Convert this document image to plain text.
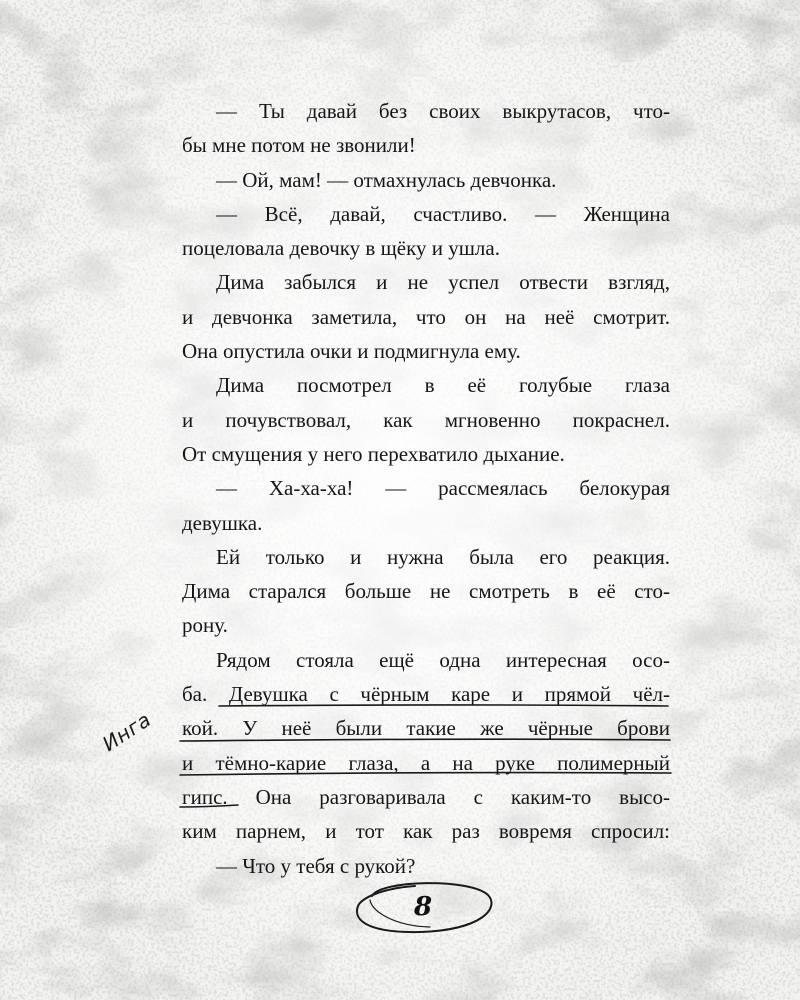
— Ты давай без своих выкрутасов, что-
бы мне потом не звонили!
— Ой, мам! — отмахнулась девчонка.
— Всё, давай, счастливо. — Женщина
поцеловала девочку в щёку и ушла.
Дима забылся и не успел отвести взгляд,
и девчонка заметила, что он на неё смотрит.
Она опустила очки и подмигнула ему.
Дима посмотрел в её голубые глаза
и почувствовал, как мгновенно покраснел.
От смущения у него перехватило дыхание.
— Ха-ха-ха! — рассмеялась белокурая
девушка.
Ей только и нужна была его реакция.
Дима старался больше не смотреть в её сто-
рону.
Рядом стояла ещё одна интересная осо-
ба. Девушка с чёрным каре и прямой чёл-
кой. У неё были такие же чёрные брови
и тёмно-карие глаза, а на руке полимерный
гипс. Она разговаривала с каким-то высо-
ким парнем, и тот как раз вовремя спросил:
— Что у тебя с рукой?
Инга
8
